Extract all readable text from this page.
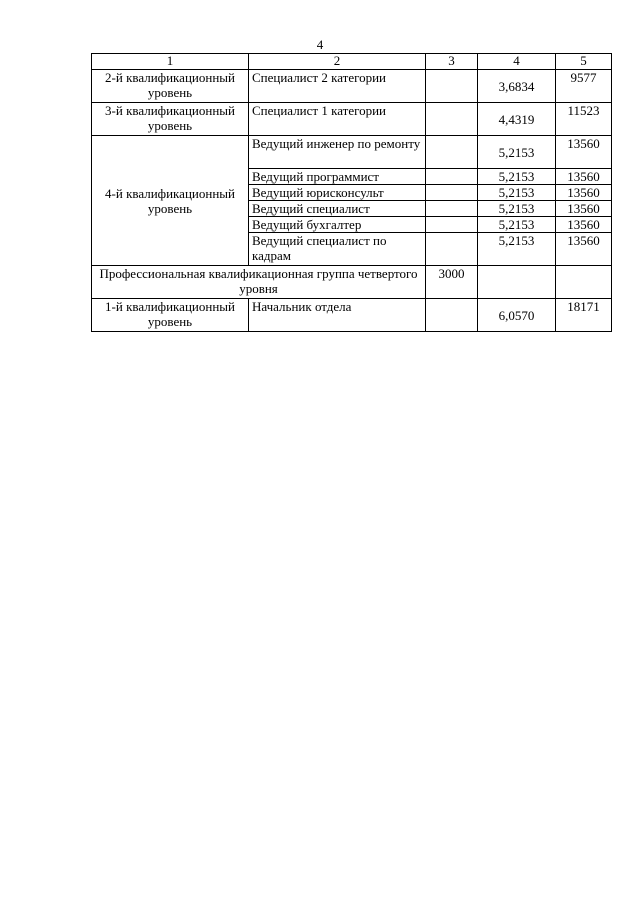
4
1	2	3	4	5

2-й квалификационный уровень	Специалист 2 категории		3,6834	9577

3-й квалификационный уровень	Специалист 1 категории		4,4319	11523

4-й квалификационный уровень	Ведущий инженер по ремонту		5,2153	13560
	Ведущий программист		5,2153	13560
	Ведущий юрисконсульт		5,2153	13560
	Ведущий специалист		5,2153	13560
	Ведущий бухгалтер		5,2153	13560
	Ведущий специалист по кадрам		5,2153	13560
Профессиональная квалификационная группа четвертого уровня		3000		

1-й квалификационный уровень	Начальник отдела		6,0570	18171
